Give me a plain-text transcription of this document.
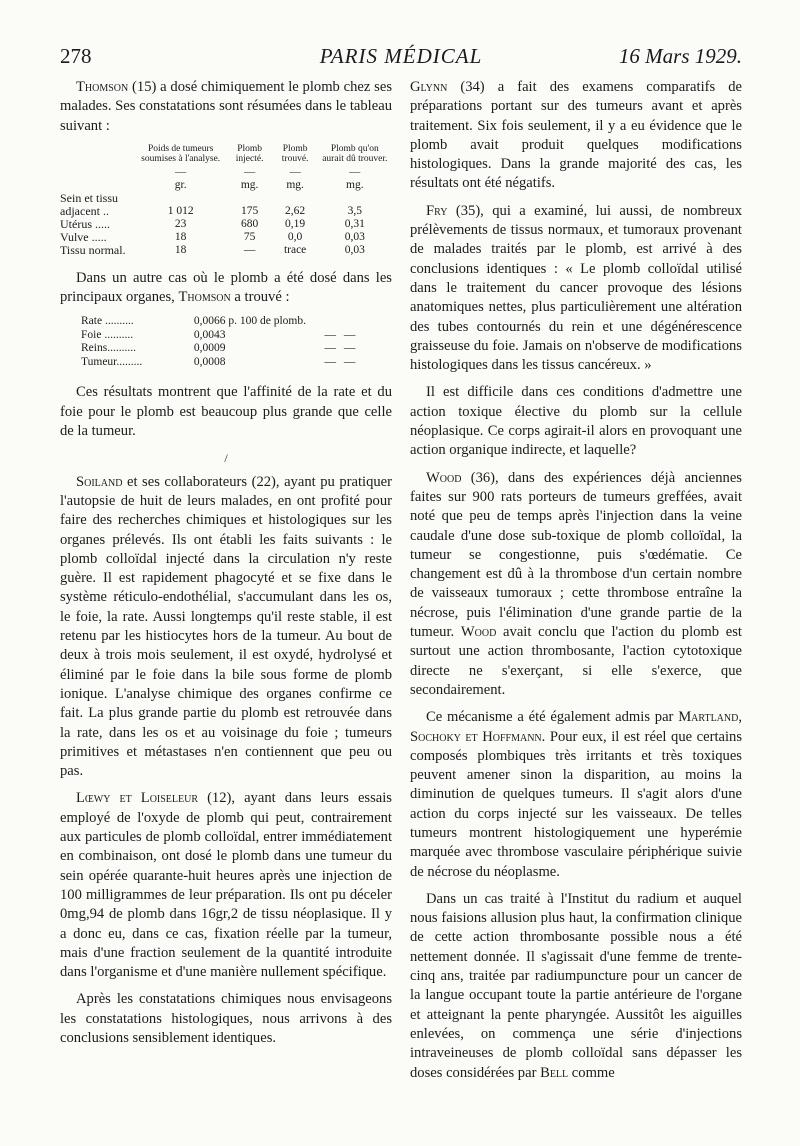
278	PARIS MÉDICAL	16 Mars 1929.

Thomson (15) a dosé chimiquement le plomb chez ses malades. Ses constatations sont résumées dans le tableau suivant :

	Poids de tumeurs soumises à l'analyse.	Plomb injecté.	Plomb trouvé.	Plomb qu'on aurait dû trouver.
	—	—	—	—
	gr.	mg.	mg.	mg.
Sein et tissu adjacent ..	1 012	175	2,62	3,5
Utérus .....	23	680	0,19	0,31
Vulve .....	18	75	0,0	0,03
Tissu normal.	18	—	trace	0,03

Dans un autre cas où le plomb a été dosé dans les principaux organes, Thomson a trouvé :

Rate ..........	0,0066 p. 100 de plomb.		
Foie ..........	0,0043	—	—
Reins..........	0,0009	—	—
Tumeur.........	0,0008	—	—

Ces résultats montrent que l'affinité de la rate et du foie pour le plomb est beaucoup plus grande que celle de la tumeur.

/

Soiland et ses collaborateurs (22), ayant pu pratiquer l'autopsie de huit de leurs malades, en ont profité pour faire des recherches chimiques et histologiques sur les organes prélevés. Ils ont établi les faits suivants : le plomb colloïdal injecté dans la circulation n'y reste guère. Il est rapidement phagocyté et se fixe dans le système réticulo-endothélial, s'accumulant dans les os, le foie, la rate. Aussi longtemps qu'il reste stable, il est retenu par les histiocytes hors de la tumeur. Au bout de deux à trois mois seulement, il est oxydé, hydrolysé et éliminé par le foie dans la bile sous forme de plomb ionique. L'analyse chimique des organes confirme ce fait. La plus grande partie du plomb est retrouvée dans la rate, dans les os et au voisinage du foie ; tumeurs primitives et métastases n'en contiennent que peu ou pas.

Lœwy et Loiseleur (12), ayant dans leurs essais employé de l'oxyde de plomb qui peut, contrairement aux particules de plomb colloïdal, entrer immédiatement en combinaison, ont dosé le plomb dans une tumeur du sein opérée quarante-huit heures après une injection de 100 milligrammes de leur préparation. Ils ont pu déceler 0mg,94 de plomb dans 16gr,2 de tissu néoplasique. Il y a donc eu, dans ce cas, fixation réelle par la tumeur, mais d'une fraction seulement de la quantité introduite dans l'organisme et d'une manière nullement spécifique.

Après les constatations chimiques nous envisageons les constatations histologiques, nous arrivons à des conclusions sensiblement identiques.

Glynn (34) a fait des examens comparatifs de préparations portant sur des tumeurs avant et après traitement. Six fois seulement, il y a eu évidence que le plomb avait produit quelques modifications histologiques. Dans la grande majorité des cas, les résultats ont été négatifs.

Fry (35), qui a examiné, lui aussi, de nombreux prélèvements de tissus normaux, et tumoraux provenant de malades traités par le plomb, est arrivé à des conclusions identiques : « Le plomb colloïdal utilisé dans le traitement du cancer provoque des lésions anatomiques nettes, plus particulièrement une altération des tubes contournés du rein et une dégénérescence graisseuse du foie. Jamais on n'observe de modifications histologiques dans les tissus cancéreux. »

Il est difficile dans ces conditions d'admettre une action toxique élective du plomb sur la cellule néoplasique. Ce corps agirait-il alors en provoquant une action organique indirecte, et laquelle?

Wood (36), dans des expériences déjà anciennes faites sur 900 rats porteurs de tumeurs greffées, avait noté que peu de temps après l'injection dans la veine caudale d'une dose sub-toxique de plomb colloïdal, la tumeur se congestionne, puis s'œdématie. Ce changement est dû à la thrombose d'un certain nombre de vaisseaux tumoraux ; cette thrombose entraîne la nécrose, puis l'élimination d'une grande partie de la tumeur. Wood avait conclu que l'action du plomb est surtout une action thrombosante, l'action cytotoxique directe ne s'exerçant, si elle s'exerce, que secondairement.

Ce mécanisme a été également admis par Martland, Sochoky et Hoffmann. Pour eux, il est réel que certains composés plombiques très irritants et très toxiques peuvent amener sinon la disparition, au moins la diminution de quelques tumeurs. Il s'agit alors d'une action du corps injecté sur les vaisseaux. De telles tumeurs montrent histologiquement une hyperémie marquée avec thrombose vasculaire périphérique suivie de nécrose du néoplasme.

Dans un cas traité à l'Institut du radium et auquel nous faisions allusion plus haut, la confirmation clinique de cette action thrombosante possible nous a été nettement donnée. Il s'agissait d'une femme de trente-cinq ans, traitée par radiumpuncture pour un cancer de la langue occupant toute la partie antérieure de l'organe et atteignant la pente pharyngée. Aussitôt les aiguilles enlevées, on commença une série d'injections intraveineuses de plomb colloïdal sans dépasser les doses considérées par Bell comme
